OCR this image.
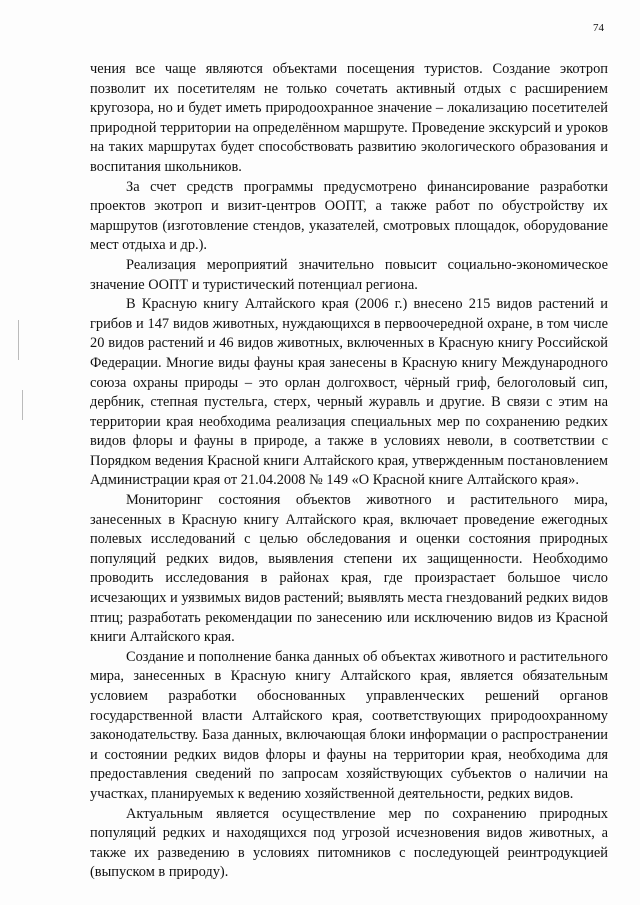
74

чения все чаще являются объектами посещения туристов. Создание экотроп позволит их посетителям не только сочетать активный отдых с расширением кругозора, но и будет иметь природоохранное значение – локализацию посетителей природной территории на определённом маршруте. Проведение экскурсий и уроков на таких маршрутах будет способствовать развитию экологического образования и воспитания школьников.

За счет средств программы предусмотрено финансирование разработки проектов экотроп и визит-центров ООПТ, а также работ по обустройству их маршрутов (изготовление стендов, указателей, смотровых площадок, оборудование мест отдыха и др.).

Реализация мероприятий значительно повысит социально-экономическое значение ООПТ и туристический потенциал региона.

В Красную книгу Алтайского края (2006 г.) внесено 215 видов растений и грибов и 147 видов животных, нуждающихся в первоочередной охране, в том числе 20 видов растений и 46 видов животных, включенных в Красную книгу Российской Федерации. Многие виды фауны края занесены в Красную книгу Международного союза охраны природы – это орлан долгохвост, чёрный гриф, белоголовый сип, дербник, степная пустельга, стерх, черный журавль и другие. В связи с этим на территории края необходима реализация специальных мер по сохранению редких видов флоры и фауны в природе, а также в условиях неволи, в соответствии с Порядком ведения Красной книги Алтайского края, утвержденным постановлением Администрации края от 21.04.2008 № 149 «О Красной книге Алтайского края».

Мониторинг состояния объектов животного и растительного мира, занесенных в Красную книгу Алтайского края, включает проведение ежегодных полевых исследований с целью обследования и оценки состояния природных популяций редких видов, выявления степени их защищенности. Необходимо проводить исследования в районах края, где произрастает большое число исчезающих и уязвимых видов растений; выявлять места гнездований редких видов птиц; разработать рекомендации по занесению или исключению видов из Красной книги Алтайского края.

Создание и пополнение банка данных об объектах животного и растительного мира, занесенных в Красную книгу Алтайского края, является обязательным условием разработки обоснованных управленческих решений органов государственной власти Алтайского края, соответствующих природоохранному законодательству. База данных, включающая блоки информации о распространении и состоянии редких видов флоры и фауны на территории края, необходима для предоставления сведений по запросам хозяйствующих субъектов о наличии на участках, планируемых к ведению хозяйственной деятельности, редких видов.

Актуальным является осуществление мер по сохранению природных популяций редких и находящихся под угрозой исчезновения видов животных, а также их разведению в условиях питомников с последующей реинтродукцией (выпуском в природу).
